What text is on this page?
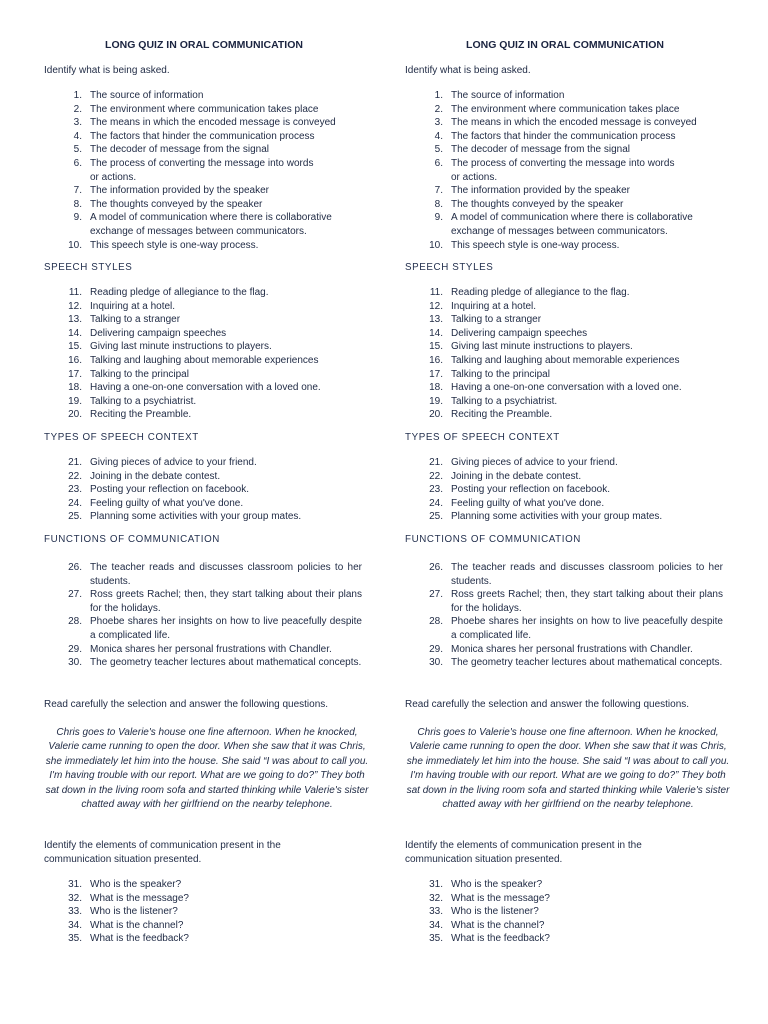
LONG QUIZ IN ORAL COMMUNICATION
Identify what is being asked.
1. The source of information
2. The environment where communication takes place
3. The means in which the encoded message is conveyed
4. The factors that hinder the communication process
5. The decoder of message from the signal
6. The process of converting the message into words or actions.
7. The information provided by the speaker
8. The thoughts conveyed by the speaker
9. A model of communication where there is collaborative exchange of messages between communicators.
10. This speech style is one-way process.
SPEECH STYLES
11. Reading pledge of allegiance to the flag.
12. Inquiring at a hotel.
13. Talking to a stranger
14. Delivering campaign speeches
15. Giving last minute instructions to players.
16. Talking and laughing about memorable experiences
17. Talking to the principal
18. Having a one-on-one conversation with a loved one.
19. Talking to a psychiatrist.
20. Reciting the Preamble.
TYPES OF SPEECH CONTEXT
21. Giving pieces of advice to your friend.
22. Joining in the debate contest.
23. Posting your reflection on facebook.
24. Feeling guilty of what you've done.
25. Planning some activities with your group mates.
FUNCTIONS OF COMMUNICATION
26. The teacher reads and discusses classroom policies to her students.
27. Ross greets Rachel; then, they start talking about their plans for the holidays.
28. Phoebe shares her insights on how to live peacefully despite a complicated life.
29. Monica shares her personal frustrations with Chandler.
30. The geometry teacher lectures about mathematical concepts.
Read carefully the selection and answer the following questions.
Chris goes to Valerie's house one fine afternoon. When he knocked, Valerie came running to open the door. When she saw that it was Chris, she immediately let him into the house. She said “I was about to call you. I'm having trouble with our report. What are we going to do?” They both sat down in the living room sofa and started thinking while Valerie's sister chatted away with her girlfriend on the nearby telephone.
Identify the elements of communication present in the communication situation presented.
31. Who is the speaker?
32. What is the message?
33. Who is the listener?
34. What is the channel?
35. What is the feedback?
LONG QUIZ IN ORAL COMMUNICATION
Identify what is being asked.
1. The source of information
2. The environment where communication takes place
3. The means in which the encoded message is conveyed
4. The factors that hinder the communication process
5. The decoder of message from the signal
6. The process of converting the message into words or actions.
7. The information provided by the speaker
8. The thoughts conveyed by the speaker
9. A model of communication where there is collaborative exchange of messages between communicators.
10. This speech style is one-way process.
SPEECH STYLES
11. Reading pledge of allegiance to the flag.
12. Inquiring at a hotel.
13. Talking to a stranger
14. Delivering campaign speeches
15. Giving last minute instructions to players.
16. Talking and laughing about memorable experiences
17. Talking to the principal
18. Having a one-on-one conversation with a loved one.
19. Talking to a psychiatrist.
20. Reciting the Preamble.
TYPES OF SPEECH CONTEXT
21. Giving pieces of advice to your friend.
22. Joining in the debate contest.
23. Posting your reflection on facebook.
24. Feeling guilty of what you've done.
25. Planning some activities with your group mates.
FUNCTIONS OF COMMUNICATION
26. The teacher reads and discusses classroom policies to her students.
27. Ross greets Rachel; then, they start talking about their plans for the holidays.
28. Phoebe shares her insights on how to live peacefully despite a complicated life.
29. Monica shares her personal frustrations with Chandler.
30. The geometry teacher lectures about mathematical concepts.
Read carefully the selection and answer the following questions.
Chris goes to Valerie's house one fine afternoon. When he knocked, Valerie came running to open the door. When she saw that it was Chris, she immediately let him into the house. She said “I was about to call you. I'm having trouble with our report. What are we going to do?” They both sat down in the living room sofa and started thinking while Valerie's sister chatted away with her girlfriend on the nearby telephone.
Identify the elements of communication present in the communication situation presented.
31. Who is the speaker?
32. What is the message?
33. Who is the listener?
34. What is the channel?
35. What is the feedback?
